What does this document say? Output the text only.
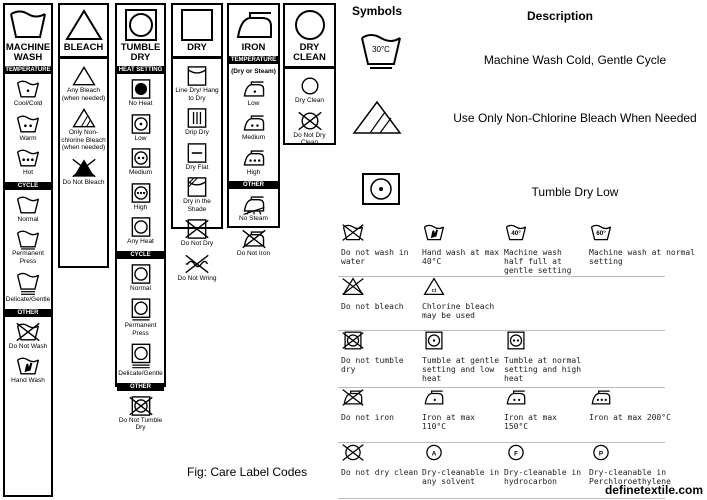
MACHINE WASH
TEMPERATURE
Cool/Cold
Warm
Hot
CYCLE
Normal
Permanent Press
Delicate/Gentle
OTHER
Do Not Wash
Hand Wash
BLEACH
Any Bleach (when needed)
Only Non-chlorine Bleach (when needed)
Do Not Bleach
TUMBLE DRY
HEAT SETTING
No Heat
Low
Medium
High
Any Heat
CYCLE
Normal
Permanent Press
Delicate/Gentle
OTHER
Do Not Tumble Dry
DRY
Line Dry/ Hang to Dry
Drip Dry
Dry Flat
Dry in the Shade
Do Not Dry
Do Not Wring
IRON
TEMPERATURE
(Dry or Steam)
Low
Medium
High
OTHER
No Steam
Do Not Iron
DRY CLEAN
Dry Clean
Do Not Dry Clean
Symbols	Description
30°C
Machine Wash Cold, Gentle Cycle
Use Only Non-Chlorine Bleach When Needed
Tumble Dry Low
Do not wash in water
Hand wash at max 40°C
40°
Machine wash half full at gentle setting
60°
Machine wash at normal setting
Do not bleach
Cl
Chlorine bleach may be used
Do not tumble dry
Tumble at gentle setting and low heat
Tumble at normal setting and high heat
Do not iron	Iron at max 110°C
Iron at max 150°C
Iron at max 200°C
Do not dry clean
A
Dry-cleanable in any solvent
F
Dry-cleanable in hydrocarbon
P
Dry-cleanable in Perchloroethylene
Fig: Care Label Codes
definetextile.com
